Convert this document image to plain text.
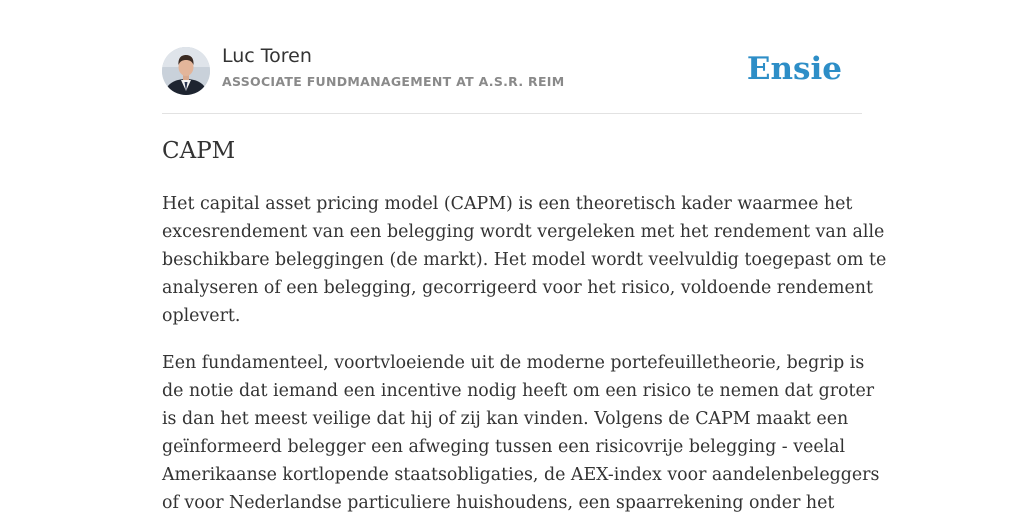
Luc Toren
ASSOCIATE FUNDMANAGEMENT AT A.S.R. REIM	Ensie
CAPM

Het capital asset pricing model (CAPM) is een theoretisch kader waarmee het
excesrendement van een belegging wordt vergeleken met het rendement van alle
beschikbare beleggingen (de markt). Het model wordt veelvuldig toegepast om te
analyseren of een belegging, gecorrigeerd voor het risico, voldoende rendement
oplevert.

Een fundamenteel, voortvloeiende uit de moderne portefeuilletheorie, begrip is
de notie dat iemand een incentive nodig heeft om een risico te nemen dat groter
is dan het meest veilige dat hij of zij kan vinden. Volgens de CAPM maakt een
geïnformeerd belegger een afweging tussen een risicovrije belegging - veelal
Amerikaanse kortlopende staatsobligaties, de AEX-index voor aandelenbeleggers
of voor Nederlandse particuliere huishoudens, een spaarrekening onder het
